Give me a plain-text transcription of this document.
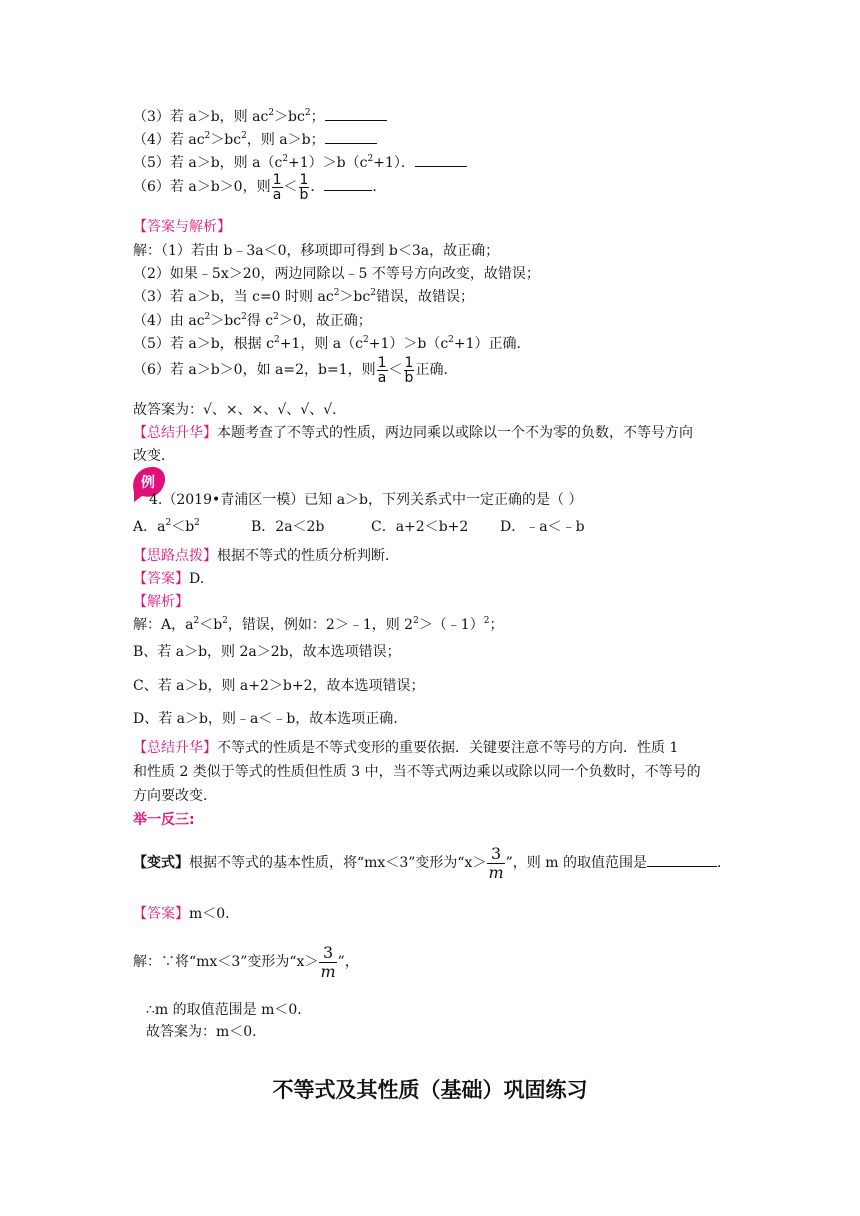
（3）若 a＞b，则 $ac^2>bc^2$；
（4）若 $ac^2>bc^2$，则 a＞b；
（5）若 a＞b，则 $a(c^2+1)>b(c^2+1)$．
（6）若 a＞b＞0，则 $\frac{1}{a} < \frac{1}{b}$ ．	.
【答案与解析】
解：（1）若由 b﹣3a＜0，移项即可得到 b＜3a，故正确；
（2）如果﹣5x＞20，两边同除以﹣5 不等号方向改变，故错误；
（3）若 a＞b，当 c=0 时则 $ac^2>bc^2$错误，故错误；
（4）由 $ac^2>bc^2$得 $c^2>0$，故正确；
（5）若 a＞b，根据 $c^2+1$，则 $a(c^2+1)>b(c^2+1)$正确．
（6）若 a＞b＞0，如 a=2，b=1，则 $\frac{1}{a} < \frac{1}{b}$ 正确．
故答案为：√、×、×、√、√、√．
【总结升华】本题考查了不等式的性质，两边同乘以或除以一个不为零的负数，不等号方向
改变．
例
4.（2019•青浦区一模）已知 a＞b，下列关系式中一定正确的是（ ）
A．$a^2<b^2$	B．2a＜2b	C．a+2＜b+2 D．﹣a＜﹣b
【思路点拨】根据不等式的性质分析判断．
【答案】D.
【解析】
解：A，$a^2<b^2$，错误，例如：2＞﹣1，则 $2^2>(﹣1)^2$；
B、若 a＞b，则 2a＞2b，故本选项错误；
C、若 a＞b，则 a+2＞b+2，故本选项错误；
D、若 a＞b，则﹣a＜﹣b，故本选项正确.
【总结升华】不等式的性质是不等式变形的重要依据．关键要注意不等号的方向．性质 1
和性质 2 类似于等式的性质但性质 3 中，当不等式两边乘以或除以同一个负数时，不等号的
方向要改变．
举一反三:
【变式】根据不等式的基本性质，将“mx＜3”变形为“$x> \frac{3}{m}$ ”，则 m 的取值范围是	．
【答案】m＜0.
解：∵将“mx＜3”变形为“$x> \frac{3}{m}$ ”，
∴m 的取值范围是 m＜0．
故答案为：m＜0．
不等式及其性质（基础）巩固练习
